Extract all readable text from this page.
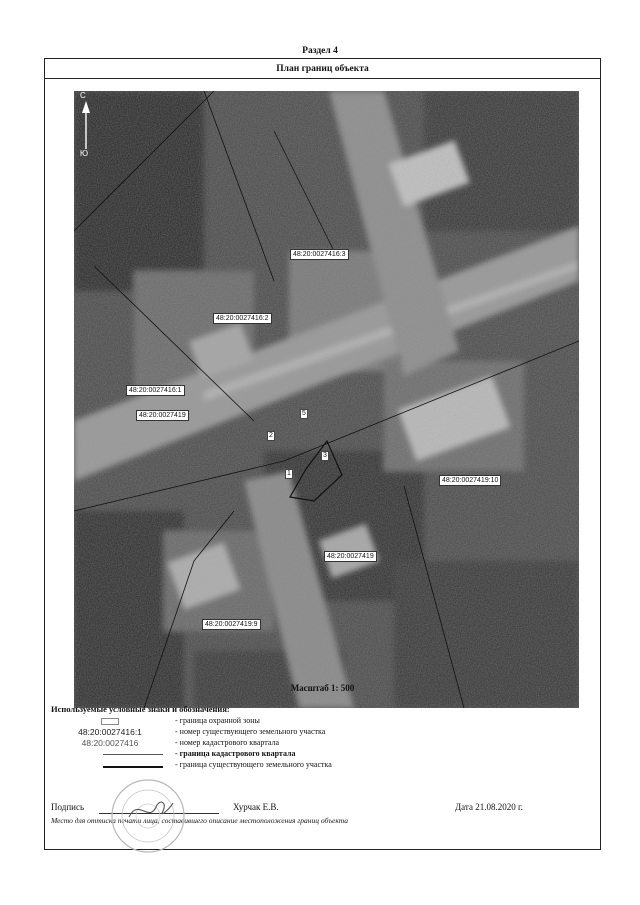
Раздел 4
План границ объекта
С
Ю
48:20:0027416:3
48:20:0027416:2
48:20:0027416:1
48:20:0027419
48:20:0027419:10
48:20:0027419
48:20:0027419:9
5
2
3
1
Масштаб 1: 500
Используемые условные знаки и обозначения:
- граница охранной зоны
48:20:0027416:1	- номер существующего земельного участка
48:20:0027416	- номер кадастрового квартала
- граница кадастрового квартала
- граница существующего земельного участка
Подпись	Хурчак Е.В.	Дата 21.08.2020 г.
Место для оттиска печати лица, составившего описание местоположения границ объекта
